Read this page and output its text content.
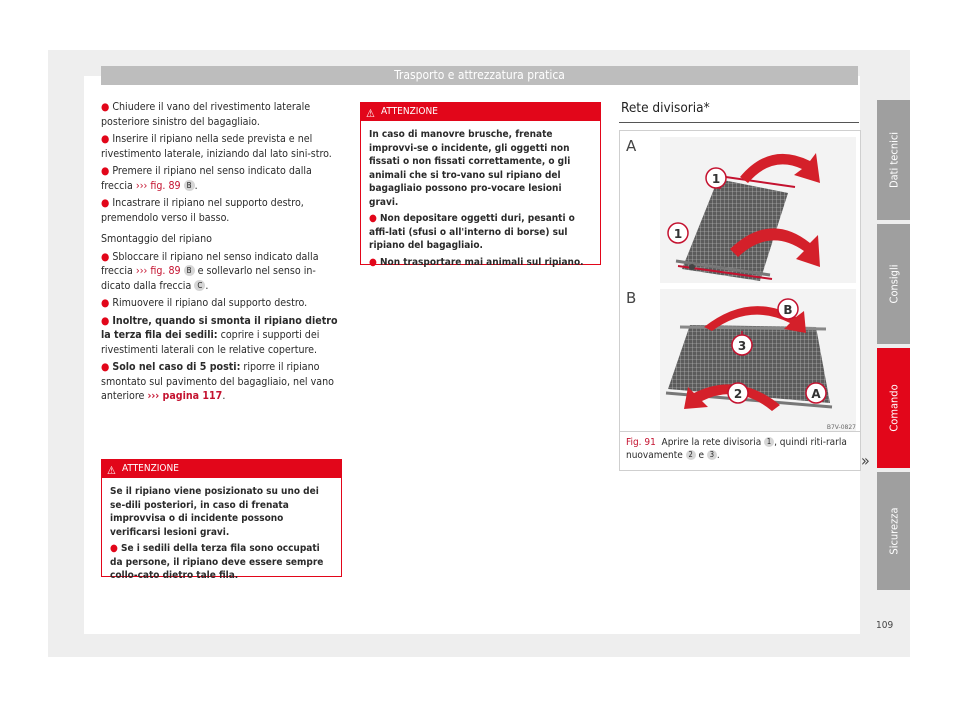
Trasporto e attrezzatura pratica

● Chiudere il vano del rivestimento laterale posteriore sinistro del bagagliaio.

● Inserire il ripiano nella sede prevista e nel rivestimento laterale, iniziando dal lato sini-stro.

● Premere il ripiano nel senso indicato dalla freccia ››› fig. 89 B .

● Incastrare il ripiano nel supporto destro, premendolo verso il basso.

Smontaggio del ripiano

● Sbloccare il ripiano nel senso indicato dalla freccia ››› fig. 89 B e sollevarlo nel senso in-dicato dalla freccia C .

● Rimuovere il ripiano dal supporto destro.

● Inoltre, quando si smonta il ripiano dietro la terza fila dei sedili: coprire i supporti dei rivestimenti laterali con le relative coperture.

● Solo nel caso di 5 posti: riporre il ripiano smontato sul pavimento del bagagliaio, nel vano anteriore ››› pagina 117.

⚠ ATTENZIONE

Se il ripiano viene posizionato su uno dei se-dili posteriori, in caso di frenata improvvisa o di incidente possono verificarsi lesioni gravi.

● Se i sedili della terza fila sono occupati da persone, il ripiano deve essere sempre collo-cato dietro tale fila.

⚠ ATTENZIONE

In caso di manovre brusche, frenate improvvi-se o incidente, gli oggetti non fissati o non fissati correttamente, o gli animali che si tro-vano sul ripiano del bagagliaio possono pro-vocare lesioni gravi.

● Non depositare oggetti duri, pesanti o affi-lati (sfusi o all'interno di borse) sul ripiano del bagagliaio.

● Non trasportare mai animali sul ripiano.

Rete divisoria*
A
1
1
B
B
3
2	A
B7V-0827
Fig. 91 Aprire la rete divisoria 1 , quindi riti-rarla nuovamente 2 e 3 .	»
Dati tecnici
Consigli
Comando
Sicurezza
109
